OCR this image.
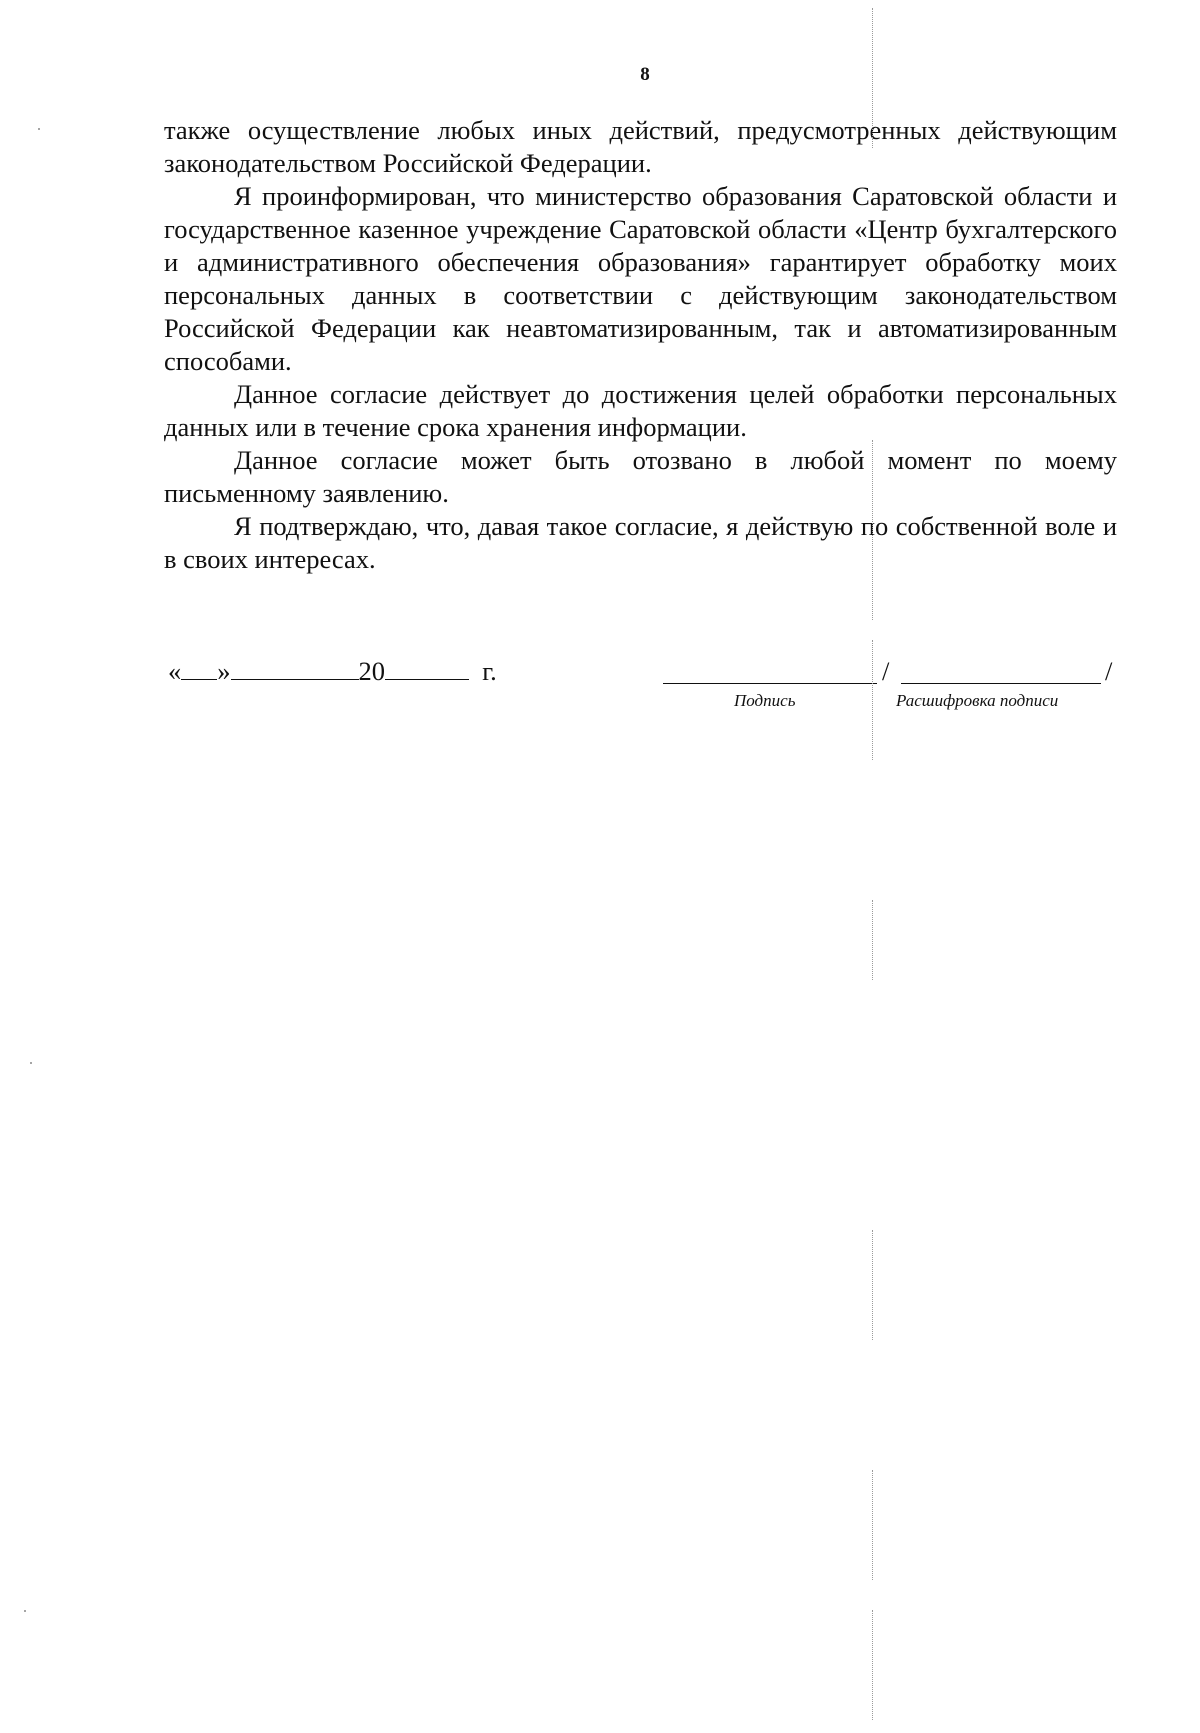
8

также осуществление любых иных действий, предусмотренных действующим законодательством Российской Федерации.

Я проинформирован, что министерство образования Саратовской области и государственное казенное учреждение Саратовской области «Центр бухгалтерского и административного обеспечения образования» гарантирует обработку моих персональных данных в соответствии с действующим законодательством Российской Федерации как неавтоматизированным, так и автоматизированным способами.

Данное согласие действует до достижения целей обработки персональных данных или в течение срока хранения информации.

Данное согласие может быть отозвано в любой момент по моему письменному заявлению.

Я подтверждаю, что, давая такое согласие, я действую по собственной воле и в своих интересах.

« »	20	г.	/	/
Подпись	Расшифровка подписи
